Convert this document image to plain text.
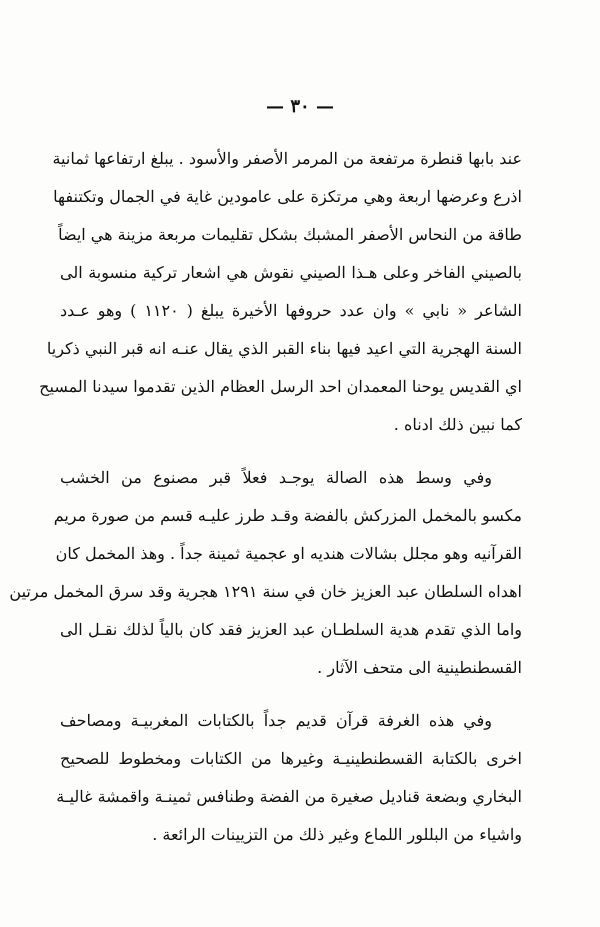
— ٣٠ —
عند بابها قنطرة مرتفعة من المرمر الأصفر والأسود . يبلغ ارتفاعها ثمانية
اذرع وعرضها اربعة وهي مرتكزة على عامودين غاية في الجمال وتكتنفها
طاقة من النحاس الأصفر المشبك بشكل تقليمات مربعة مزينة هي ايضاً
بالصيني الفاخر وعلى هـذا الصيني نقوش هي اشعار تركية منسوبة الى
الشاعر « نابي » وان عدد حروفها الأخيرة يبلغ ( ١١٢٠ ) وهو عـدد
السنة الهجرية التي اعيد فيها بناء القبر الذي يقال عنـه انه قبر النبي ذكريا
اي القديس يوحنا المعمدان احد الرسل العظام الذين تقدموا سيدنا المسيح
كما نبين ذلك ادناه .
وفي وسط هذه الصالة يوجـد فعلاً قبر مصنوع من الخشب
مكسو بالمخمل المزركش بالفضة وقـد طرز عليـه قسم من صورة مريم
القرآنيه وهو مجلل بشالات هنديه او عجمية ثمينة جداً . وهذ المخمل كان
اهداه السلطان عبد العزيز خان في سنة ١٢٩١ هجرية وقد سرق المخمل مرتين
واما الذي تقدم هدية السلطـان عبد العزيز فقد كان بالياً لذلك نقـل الى
القسطنطينية الى متحف الآثار .
وفي هذه الغرفة قرآن قديم جداً بالكتابات المغربيـة ومصاحف
اخرى بالكتابة القسطنطينيـة وغيرها من الكتابات ومخطوط للصحيح
البخاري وبضعة قناديل صغيرة من الفضة وطنافس ثمينـة واقمشة غاليـة
واشياء من البللور اللماع وغير ذلك من التزيينات الرائعة .
